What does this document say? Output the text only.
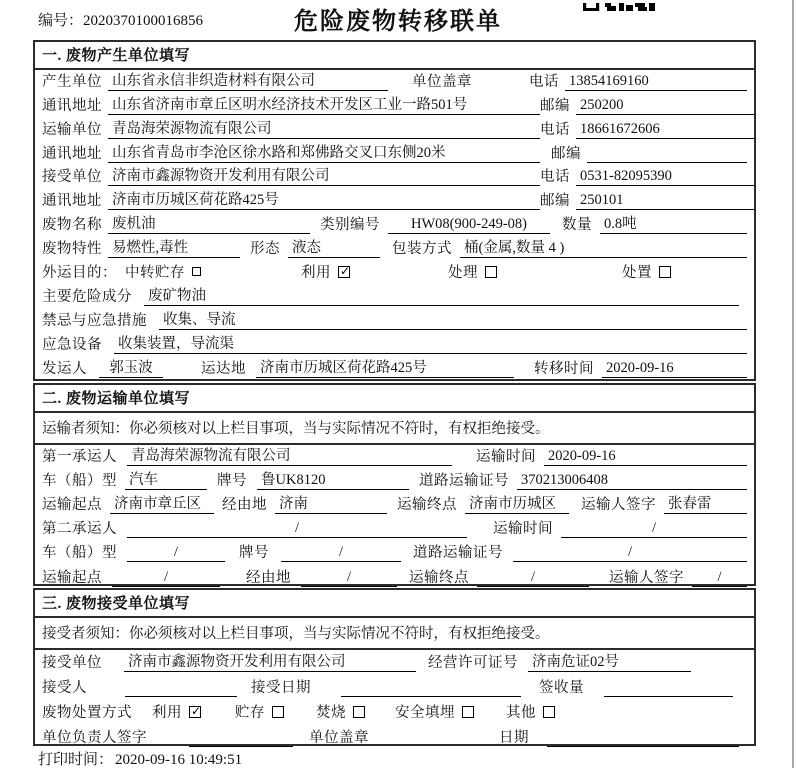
编号：2020370100016856	危险废物转移联单
一. 废物产生单位填写
产生单位 山东省永信非织造材料有限公司	单位盖章	电话 13854169160
通讯地址 山东省济南市章丘区明水经济技术开发区工业一路501号	邮编 250200
运输单位 青岛海荣源物流有限公司	电话 18661672606
通讯地址 山东省青岛市李沧区徐水路和郑佛路交叉口东侧20米	邮编
接受单位 济南市鑫源物资开发利用有限公司	电话 0531-82095390
通讯地址 济南市历城区荷花路425号	邮编 250101
废物名称 废机油	类别编号	HW08(900-249-08)	数量 0.8吨
废物特性 易燃性,毒性	形态 液态	包装方式 桶(金属,数量 4 )
外运目的： 中转贮存	利用 ✓	处理	处置
主要危险成分 废矿物油
禁忌与应急措施 收集、导流
应急设备 收集装置，导流渠
发运人	郭玉波	运达地 济南市历城区荷花路425号	转移时间 2020-09-16
二. 废物运输单位填写
运输者须知：你必须核对以上栏目事项，当与实际情况不符时，有权拒绝接受。
第一承运人 青岛海荣源物流有限公司	运输时间 2020-09-16
车（船）型 汽车	牌号 鲁UK8120	道路运输证号 370213006408
运输起点 济南市章丘区	经由地 济南	运输终点 济南市历城区	运输人签字 张春雷
第二承运人	/	运输时间	/
车（船）型	/	牌号	/	道路运输证号	/
运输起点	/	经由地	/	运输终点	/	运输人签字	/
三. 废物接受单位填写
接受者须知：你必须核对以上栏目事项，当与实际情况不符时，有权拒绝接受。
接受单位 济南市鑫源物资开发利用有限公司	经营许可证号 济南危证02号
接受人	接受日期	签收量
废物处置方式 利用 ✓	贮存	焚烧	安全填埋	其他
单位负责人签字	单位盖章	日期
打印时间： 2020-09-16 10:49:51
